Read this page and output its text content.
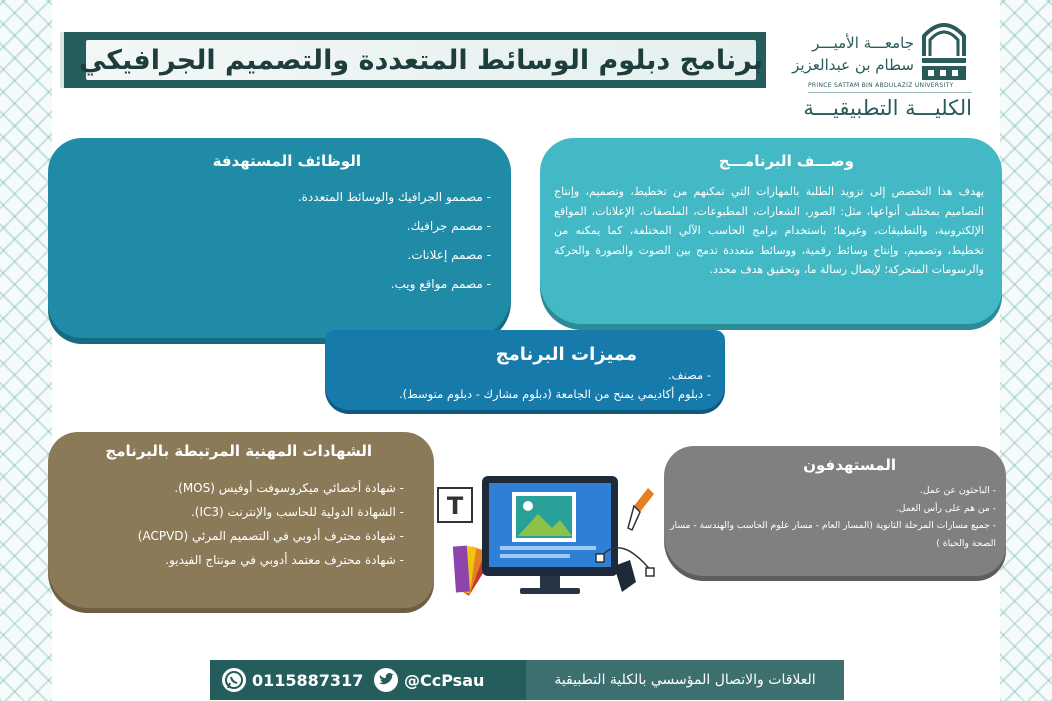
برنامج دبلوم الوسائط المتعددة والتصميم الجرافيكي
جامعـــة الأميـــر
سطام بن عبدالعزيز
PRINCE SATTAM BIN ABDULAZIZ UNIVERSITY
الكليـــة التطبيقيـــة
وصـــف البرنامـــج

يهدف هذا التخصص إلى تزويد الطلبة بالمهارات التي تمكنهم من تخطيط، وتصميم، وإنتاج التصاميم بمختلف أنواعها، مثل: الصور، الشعارات، المطبوعات، الملصقات، الإعلانات، المواقع الإلكترونية، والتطبيقات، وغيرها؛ باستخدام برامج الحاسب الآلي المختلفة، كما يمكنه من تخطيط، وتصميم، وإنتاج وسائط رقمية، ووسائط متعددة تدمج بين الصوت والصورة والحركة والرسومات المتحركة؛ لإيصال رسالة ما، وتحقيق هدف محدد.

الوظائف المستهدفة
- مصممو الجرافيك والوسائط المتعددة.
- مصمم جرافيك.
- مصمم إعلانات.
- مصمم مواقع ويب.
مميزات البرنامج
- مصنف.
- دبلوم أكاديمي يمنح من الجامعة (دبلوم مشارك - دبلوم متوسط).
الشهادات المهنية المرتبطة بالبرنامج
- شهادة أخصائي ميكروسوفت أوفيس (MOS).
- الشهادة الدولية للحاسب والإنترنت (IC3).
- شهادة محترف أدوبي في التصميم المرئي (ACPVD)
- شهادة محترف معتمد أدوبي في مونتاج الفيديو.
المستهدفون
- الباحثون عن عمل.
- من هم على رأس العمل.
- جميع مسارات المرحلة الثانوية (المسار العام - مسار علوم الحاسب والهندسة - مسار الصحة والحياة )
T
0115887317	@CcPsau	العلاقات والاتصال المؤسسي بالكلية التطبيقية
